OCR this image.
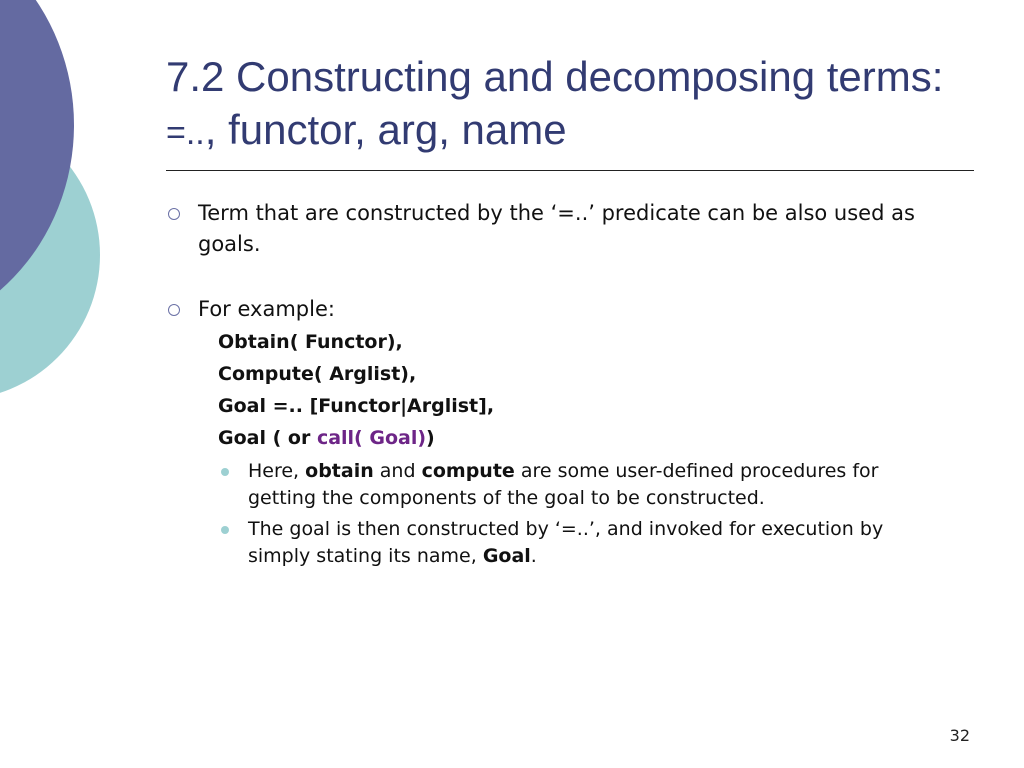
7.2 Constructing and decomposing terms: =.., functor, arg, name

Term that are constructed by the ‘=..’ predicate can be also used as goals.

For example:

Obtain( Functor),
Compute( Arglist),
Goal =.. [Functor|Arglist],
Goal ( or call( Goal))
Here, obtain and compute are some user-defined procedures for getting the components of the goal to be constructed.
The goal is then constructed by ‘=..’, and invoked for execution by simply stating its name, Goal.
32
